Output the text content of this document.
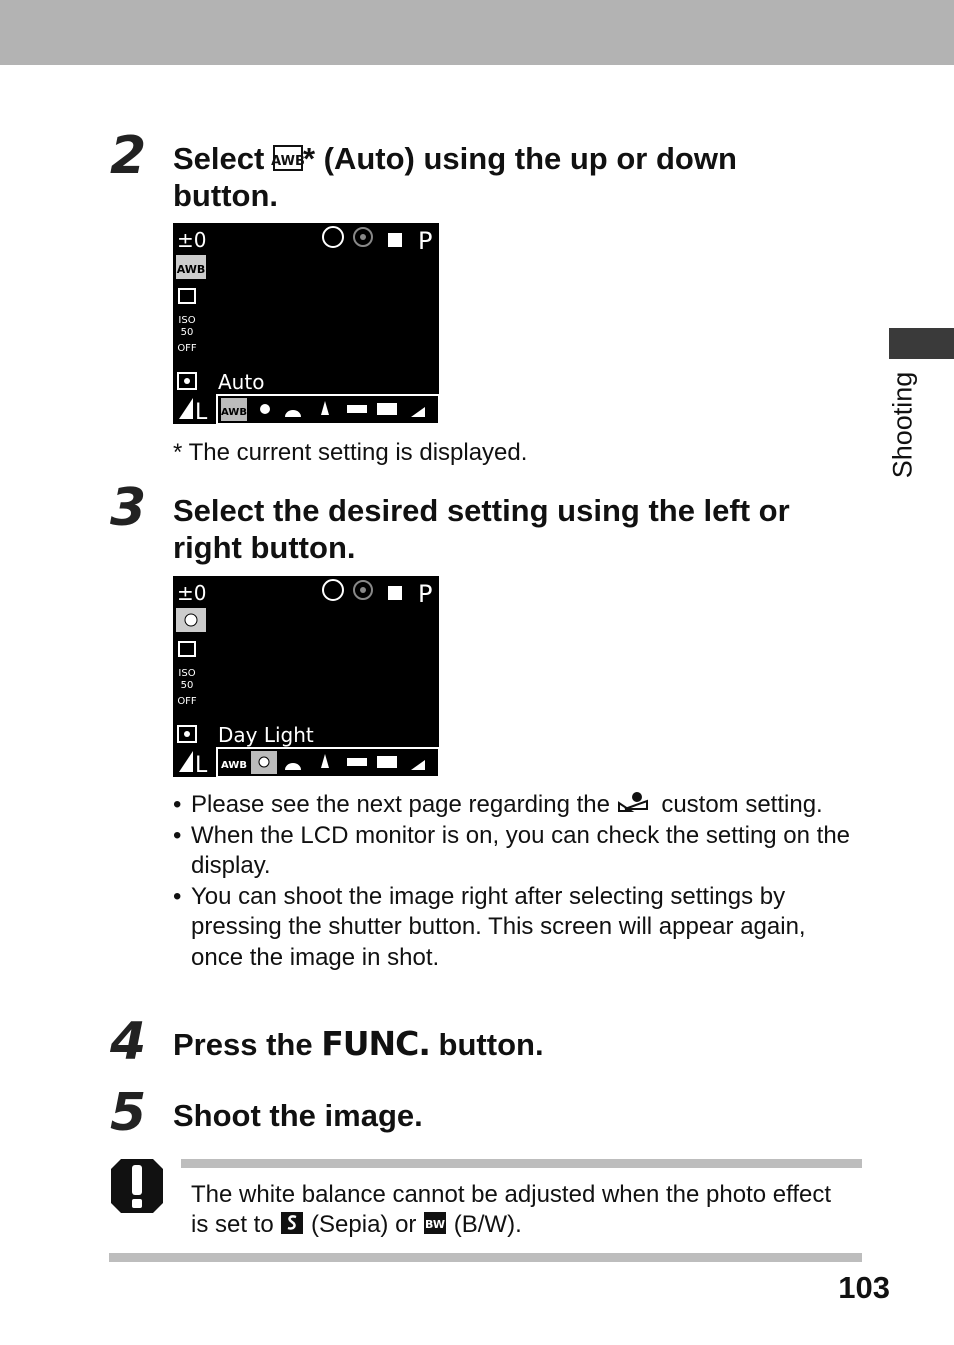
Shooting
2 Select AWB
* (Auto) using the up or down
button.
±0
AWB
ISO
50
OFF
Auto
L
P
AWB

* The current setting is displayed.

3 Select the desired setting using the left or
right button.
±0
ISO
50
OFF
Day Light
L
P
AWB
• Please see the next page regarding the custom setting.
• When the LCD monitor is on, you can check the setting on the display.
• You can shoot the image right after selecting settings by pressing the shutter button. This screen will appear again, once the image in shot.
4 Press the FUNC. button.
5 Shoot the image.

The white balance cannot be adjusted when the photo effect is set to (Sepia) or BW (B/W).

103
